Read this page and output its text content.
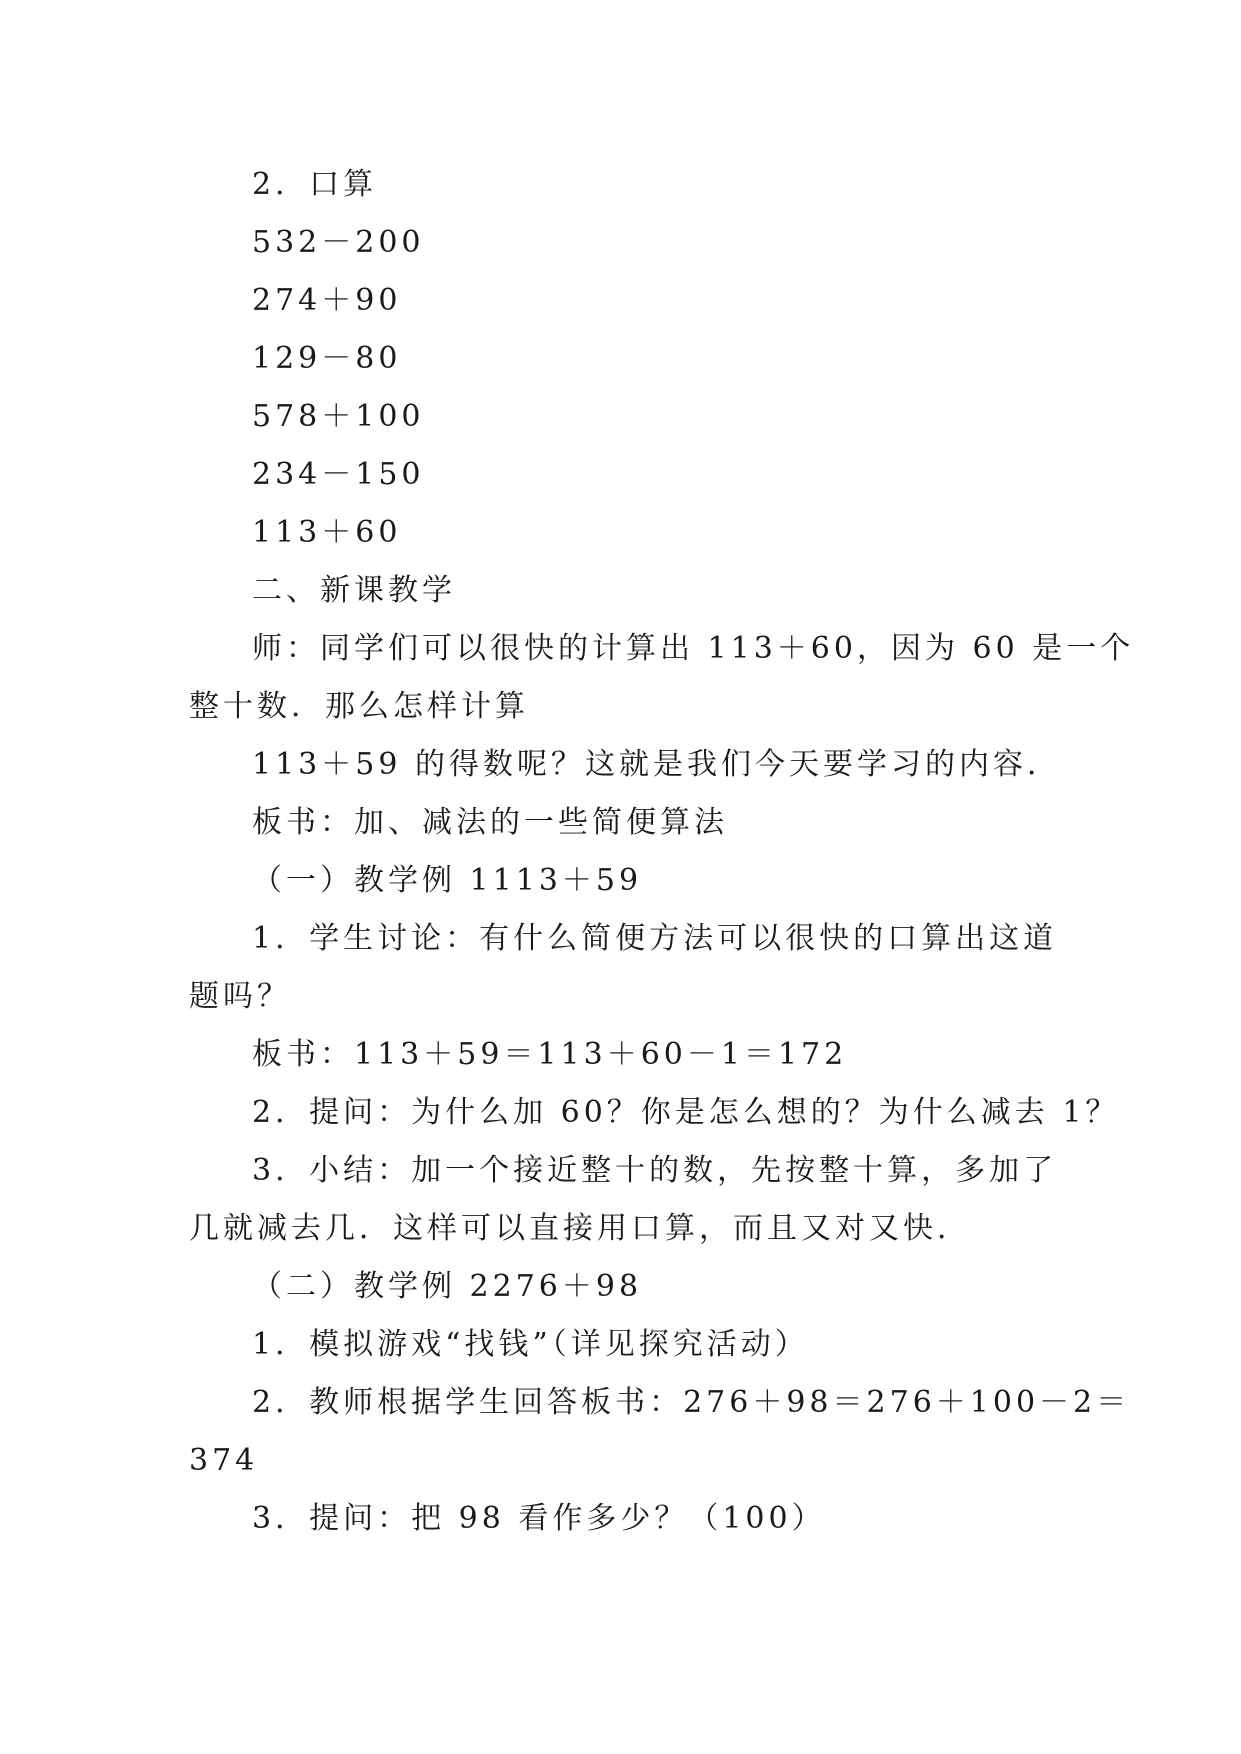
2．口算
532－200
274＋90
129－80
578＋100
234－150
113＋60
二、新课教学
师：同学们可以很快的计算出 113＋60，因为 60 是一个
整十数．那么怎样计算
113＋59 的得数呢？这就是我们今天要学习的内容．
板书：加、减法的一些简便算法
（一）教学例 1113＋59
1．学生讨论：有什么简便方法可以很快的口算出这道
题吗？
板书：113＋59＝113＋60－1＝172
2．提问：为什么加 60？你是怎么想的？为什么减去 1？
3．小结：加一个接近整十的数，先按整十算，多加了
几就减去几．这样可以直接用口算，而且又对又快．
（二）教学例 2276＋98
1．模拟游戏“找钱”（详见探究活动）
2．教师根据学生回答板书：276＋98＝276＋100－2＝
374
3．提问：把 98 看作多少？（100）
